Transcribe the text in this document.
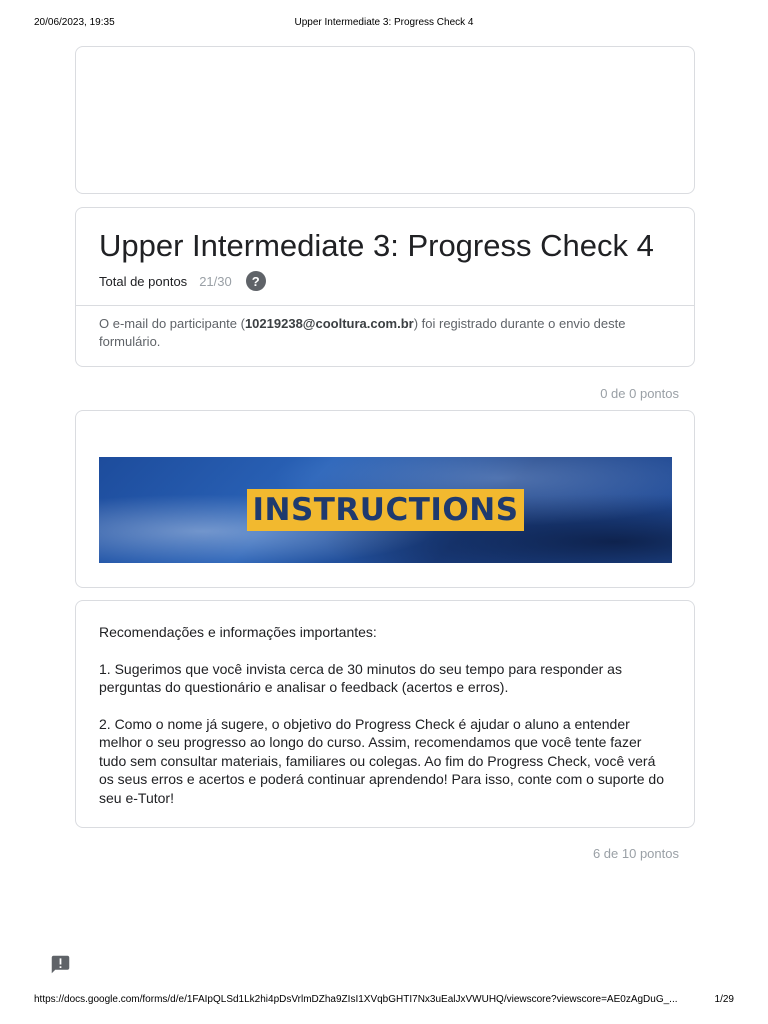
20/06/2023, 19:35	Upper Intermediate 3: Progress Check 4
Upper Intermediate 3: Progress Check 4
Total de pontos 21/30	?
O e-mail do participante (10219238@cooltura.com.br) foi registrado durante o envio deste formulário.
0 de 0 pontos
INSTRUCTIONS

Recomendações e informações importantes:

1. Sugerimos que você invista cerca de 30 minutos do seu tempo para responder as perguntas do questionário e analisar o feedback (acertos e erros).

2. Como o nome já sugere, o objetivo do Progress Check é ajudar o aluno a entender melhor o seu progresso ao longo do curso. Assim, recomendamos que você tente fazer tudo sem consultar materiais, familiares ou colegas. Ao fim do Progress Check, você verá os seus erros e acertos e poderá continuar aprendendo! Para isso, conte com o suporte do seu e-Tutor!

6 de 10 pontos
https://docs.google.com/forms/d/e/1FAIpQLSd1Lk2hi4pDsVrlmDZha9ZIsI1XVqbGHTI7Nx3uEalJxVWUHQ/viewscore?viewscore=AE0zAgDuG_...	1/29
